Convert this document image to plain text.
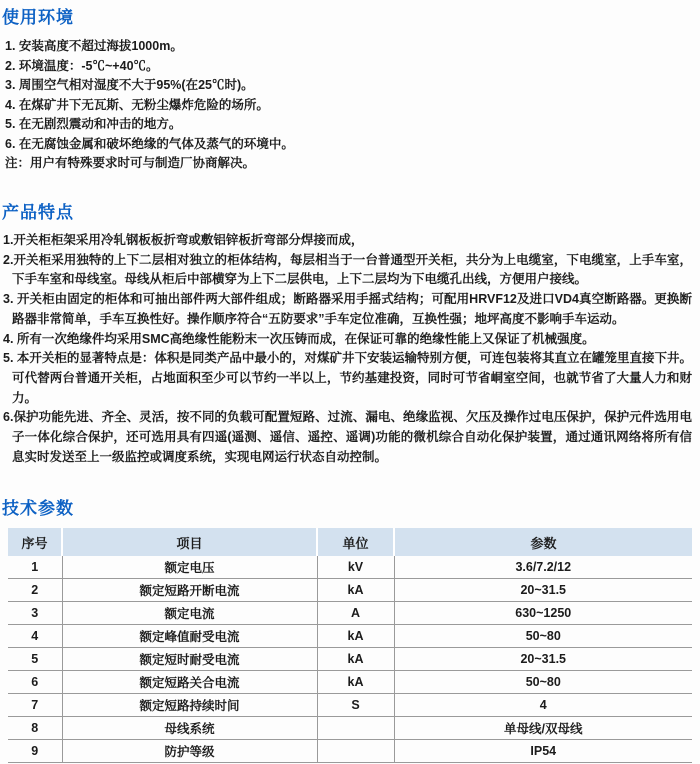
使用环境
1. 安装高度不超过海拔1000m。
2. 环境温度：-5℃~+40℃。
3. 周围空气相对湿度不大于95%(在25℃时)。
4. 在煤矿井下无瓦斯、无粉尘爆炸危险的场所。
5. 在无剧烈震动和冲击的地方。
6. 在无腐蚀金属和破坏绝缘的气体及蒸气的环境中。
注：用户有特殊要求时可与制造厂协商解决。
产品特点

1.开关柜柜架采用冷轧钢板板折弯或敷铝锌板折弯部分焊接而成，

2.开关柜采用独特的上下二层相对独立的柜体结构，每层相当于一台普通型开关柜，共分为上电缆室，下电缆室，上手车室，下手车室和母线室。母线从柜后中部横穿为上下二层供电，上下二层均为下电缆孔出线，方便用户接线。

3. 开关柜由固定的柜体和可抽出部件两大部件组成；断路器采用手摇式结构；可配用HRVF12及进口VD4真空断路器。更换断路器非常简单，手车互换性好。操作顺序符合“五防要求”手车定位准确，互换性强；地坪高度不影响手车运动。

4. 所有一次绝缘件均采用SMC高绝缘性能粉末一次压铸而成，在保证可靠的绝缘性能上又保证了机械强度。

5. 本开关柜的显著特点是：体积是同类产品中最小的，对煤矿井下安装运输特别方便，可连包装将其直立在罐笼里直接下井。可代替两台普通开关柜，占地面积至少可以节约一半以上，节约基建投资，同时可节省峒室空间，也就节省了大量人力和财力。

6.保护功能先进、齐全、灵活，按不同的负载可配置短路、过流、漏电、绝缘监视、欠压及操作过电压保护，保护元件选用电子一体化综合保护，还可选用具有四遥(遥测、遥信、遥控、遥调)功能的微机综合自动化保护装置，通过通讯网络将所有信息实时发送至上一级监控或调度系统，实现电网运行状态自动控制。

技术参数
序号	项目	单位	参数
1	额定电压	kV	3.6/7.2/12
2	额定短路开断电流	kA	20~31.5
3	额定电流	A	630~1250
4	额定峰值耐受电流	kA	50~80
5	额定短时耐受电流	kA	20~31.5
6	额定短路关合电流	kA	50~80
7	额定短路持续时间	S	4
8	母线系统		单母线/双母线
9	防护等级		IP54
